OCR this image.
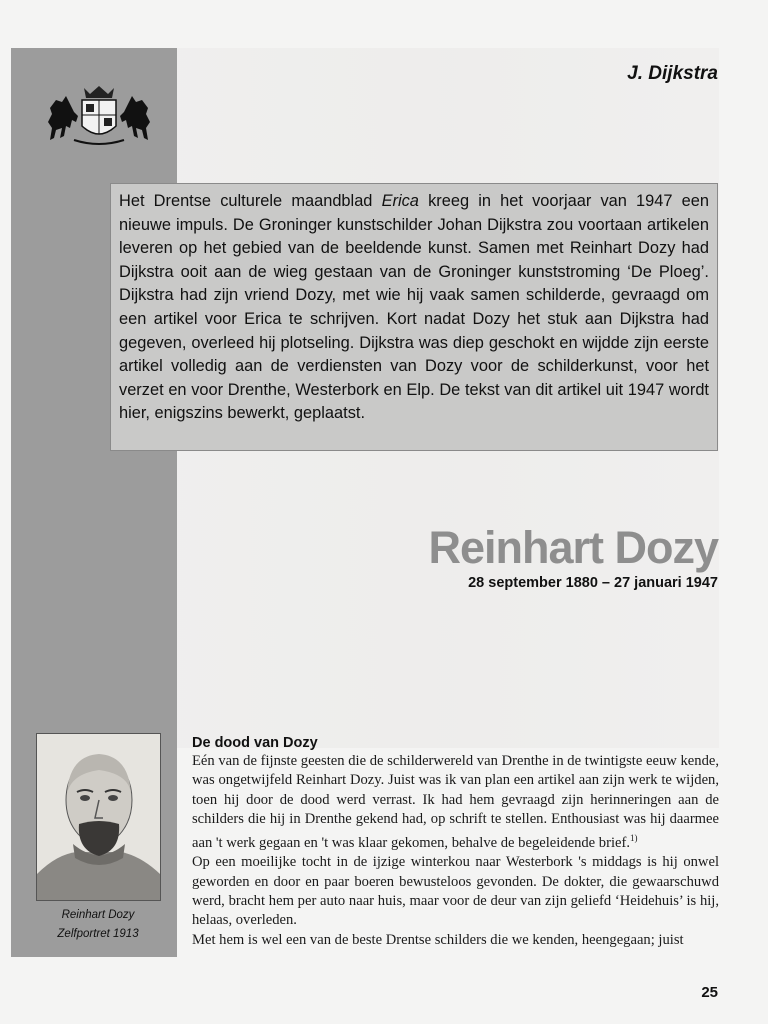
J. Dijkstra
Het Drentse culturele maandblad Erica kreeg in het voorjaar van 1947 een nieuwe impuls. De Groninger kunstschilder Johan Dijkstra zou voortaan artikelen leveren op het gebied van de beeldende kunst. Samen met Reinhart Dozy had Dijkstra ooit aan de wieg gestaan van de Groninger kunststroming ‘De Ploeg’. Dijkstra had zijn vriend Dozy, met wie hij vaak samen schilderde, gevraagd om een artikel voor Erica te schrijven. Kort nadat Dozy het stuk aan Dijkstra had gegeven, overleed hij plotseling. Dijkstra was diep geschokt en wijdde zijn eerste artikel volledig aan de verdiensten van Dozy voor de schilderkunst, voor het verzet en voor Drenthe, Westerbork en Elp. De tekst van dit artikel uit 1947 wordt hier, enigszins bewerkt, geplaatst.
Reinhart Dozy
28 september 1880 – 27 januari 1947
Reinhart Dozy
Zelfportret 1913
De dood van Dozy

Eén van de fijnste geesten die de schilderwereld van Drenthe in de twintigste eeuw kende, was ongetwijfeld Reinhart Dozy. Juist was ik van plan een artikel aan zijn werk te wijden, toen hij door de dood werd verrast. Ik had hem gevraagd zijn herinneringen aan de schilders die hij in Drenthe gekend had, op schrift te stellen. Enthousiast was hij daarmee aan 't werk gegaan en 't was klaar gekomen, behalve de begeleidende brief.$^{1)}$

Op een moeilijke tocht in de ijzige winterkou naar Westerbork 's middags is hij onwel geworden en door en paar boeren bewusteloos gevonden. De dokter, die gewaarschuwd werd, bracht hem per auto naar huis, maar voor de deur van zijn geliefd ‘Heidehuis’ is hij, helaas, overleden.

Met hem is wel een van de beste Drentse schilders die we kenden, heengegaan; juist

25
